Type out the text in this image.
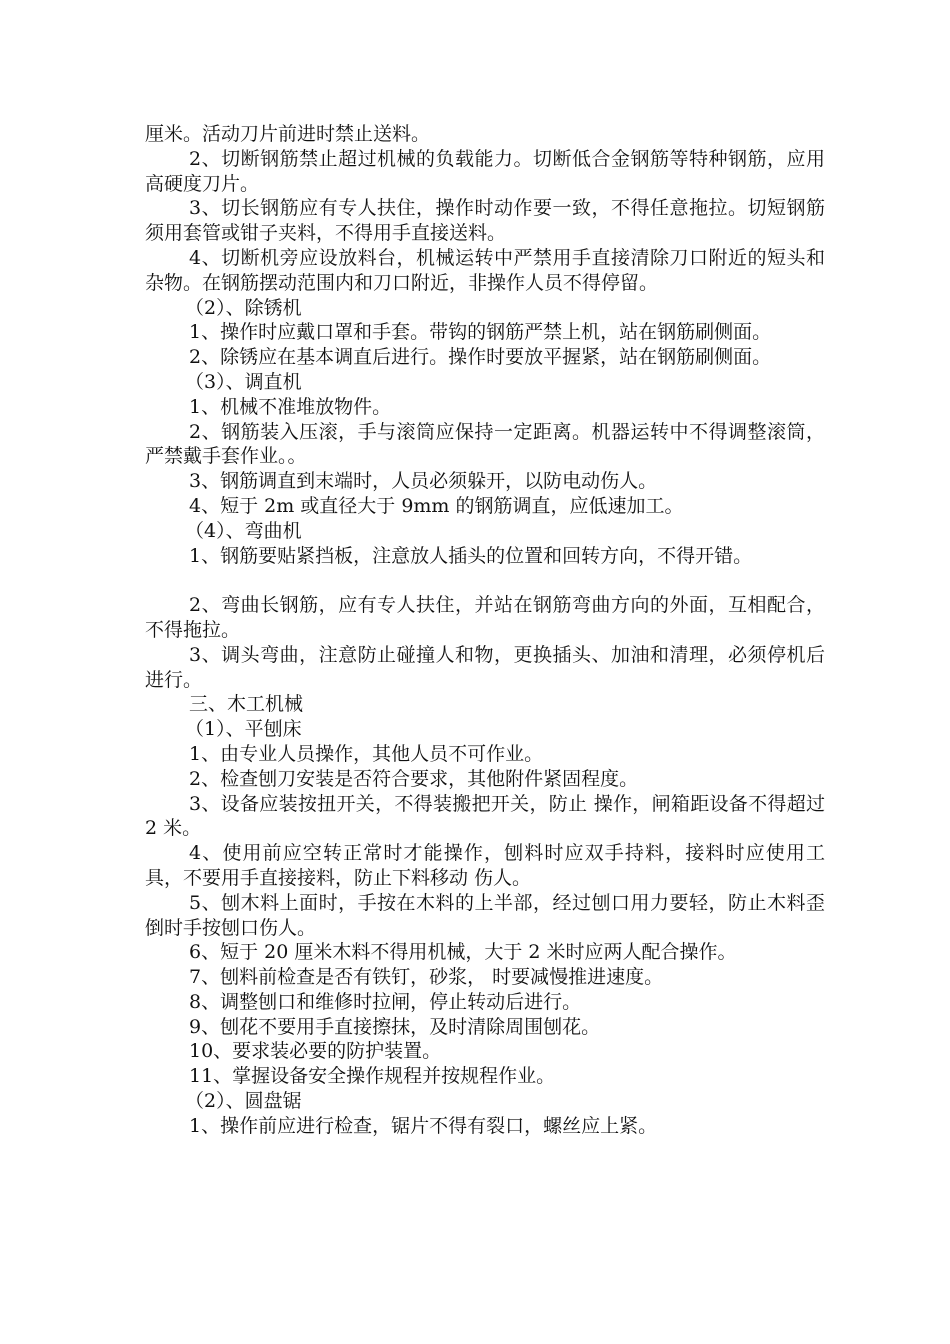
厘米。活动刀片前进时禁止送料。

2、切断钢筋禁止超过机械的负载能力。切断低合金钢筋等特种钢筋，应用高硬度刀片。

3、切长钢筋应有专人扶住，操作时动作要一致，不得任意拖拉。切短钢筋须用套管或钳子夹料，不得用手直接送料。

4、切断机旁应设放料台，机械运转中严禁用手直接清除刀口附近的短头和杂物。在钢筋摆动范围内和刀口附近，非操作人员不得停留。

（2）、除锈机

1、操作时应戴口罩和手套。带钩的钢筋严禁上机，站在钢筋刷侧面。

2、除锈应在基本调直后进行。操作时要放平握紧，站在钢筋刷侧面。

（3）、调直机

1、机械不准堆放物件。

2、钢筋装入压滚，手与滚筒应保持一定距离。机器运转中不得调整滚筒，严禁戴手套作业。。

3、钢筋调直到末端时，人员必须躲开，以防电动伤人。

4、短于 2m 或直径大于 9mm 的钢筋调直，应低速加工。

（4）、弯曲机

1、钢筋要贴紧挡板，注意放人插头的位置和回转方向，不得开错。

2、弯曲长钢筋，应有专人扶住，并站在钢筋弯曲方向的外面，互相配合，不得拖拉。

3、调头弯曲，注意防止碰撞人和物，更换插头、加油和清理，必须停机后进行。

三、木工机械

（1）、平刨床

1、由专业人员操作，其他人员不可作业。

2、检查刨刀安装是否符合要求，其他附件紧固程度。

3、设备应装按扭开关，不得装搬把开关，防止 操作，闸箱距设备不得超过 2 米。

4、使用前应空转正常时才能操作，刨料时应双手持料，接料时应使用工具，不要用手直接接料，防止下料移动 伤人。

5、刨木料上面时，手按在木料的上半部，经过刨口用力要轻，防止木料歪倒时手按刨口伤人。

6、短于 20 厘米木料不得用机械，大于 2 米时应两人配合操作。

7、刨料前检查是否有铁钉，砂浆， 时要减慢推进速度。

8、调整刨口和维修时拉闸，停止转动后进行。

9、刨花不要用手直接擦抹，及时清除周围刨花。

10、要求装必要的防护装置。

11、掌握设备安全操作规程并按规程作业。

（2）、圆盘锯

1、操作前应进行检查，锯片不得有裂口，螺丝应上紧。
